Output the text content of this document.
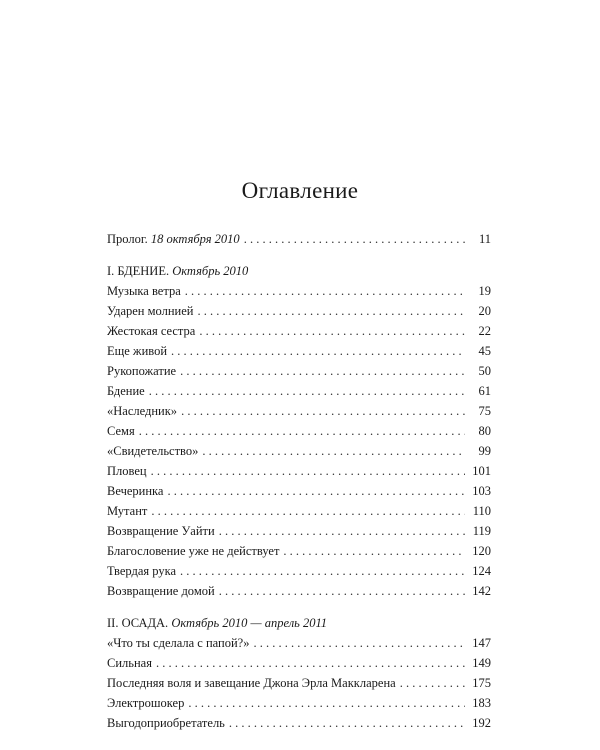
Оглавление
Пролог. 18 октября 2010 . . .	11
I. БДЕНИЕ. Октябрь 2010
Музыка ветра . . .	19
Ударен молнией . . .	20
Жестокая сестра . . .	22
Еще живой . . .	45
Рукопожатие . . .	50
Бдение . . .	61
«Наследник» . . .	75
Семя . . .	80
«Свидетельство» . . .	99
Пловец . . .	101
Вечеринка . . .	103
Мутант . . .	110
Возвращение Уайти . . .	119
Благословение уже не действует . . .	120
Твердая рука . . .	124
Возвращение домой . . .	142
II. ОСАДА. Октябрь 2010 — апрель 2011
«Что ты сделала с папой?» . . .	147
Сильная . . .	149
Последняя воля и завещание Джона Эрла Маккларена . . .	175
Электрошокер . . .	183
Выгодоприобретатель . . .	192
